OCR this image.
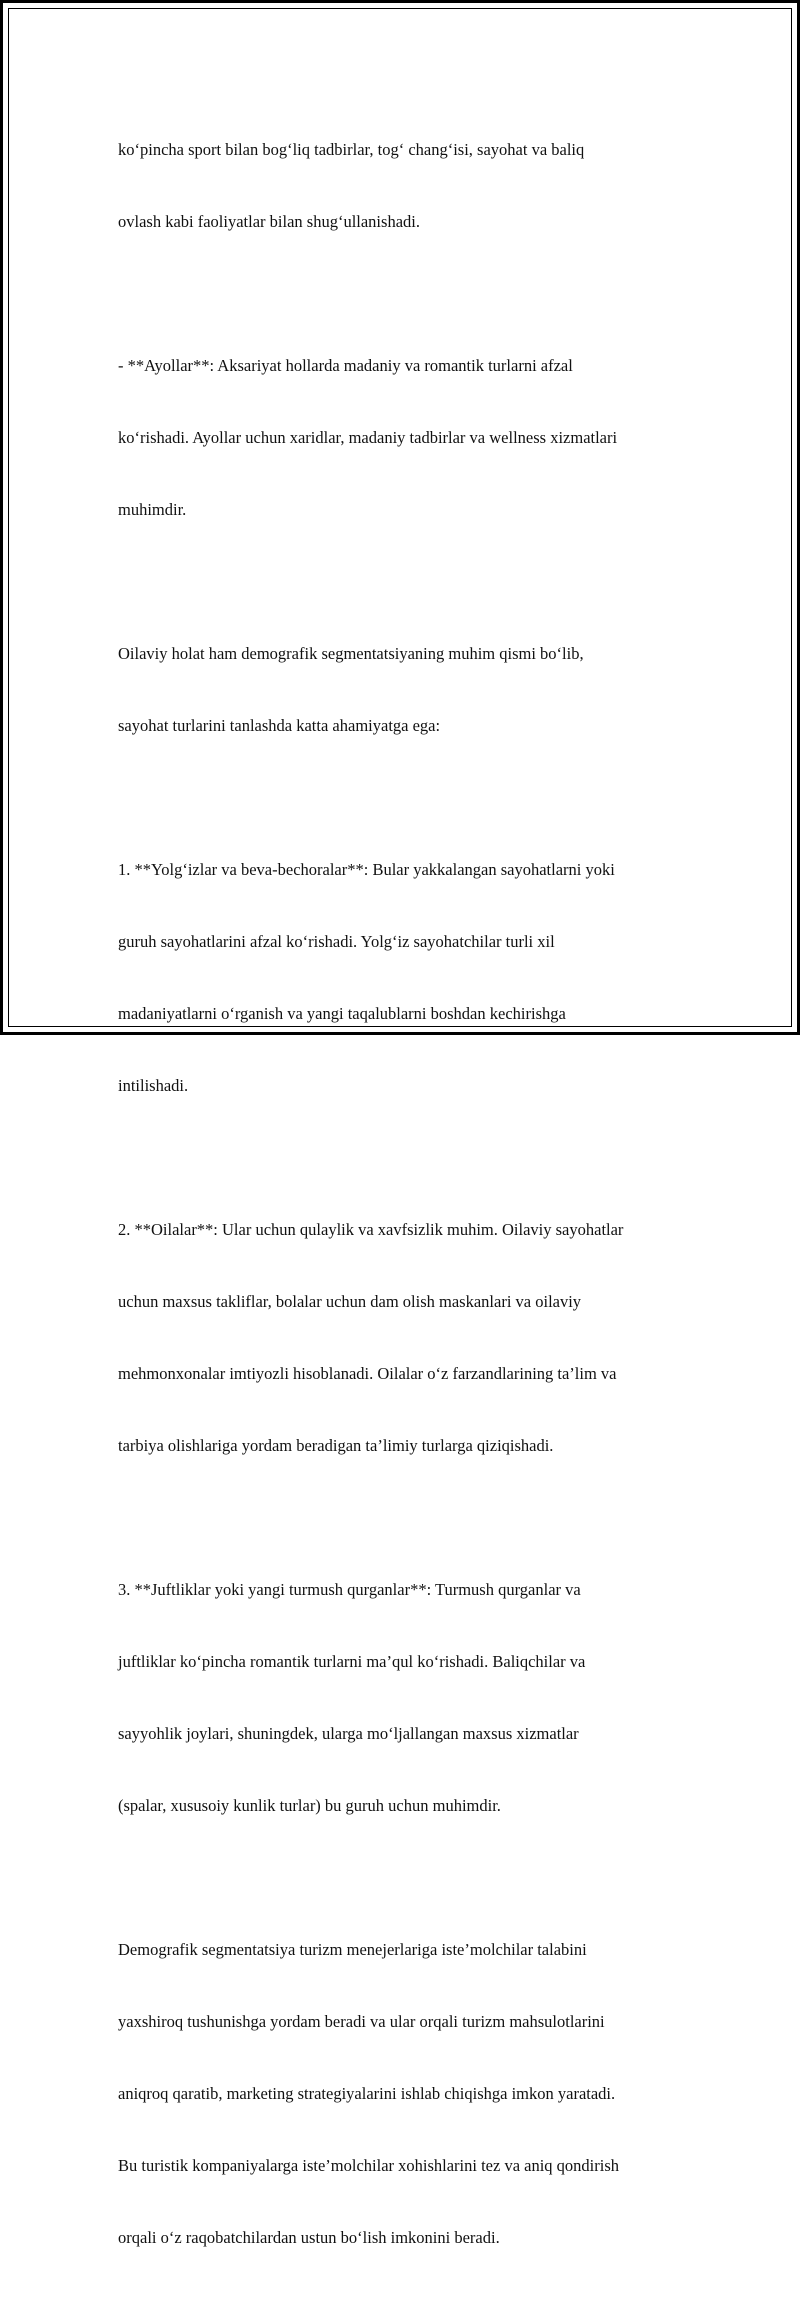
ko‘pincha sport bilan bog‘liq tadbirlar, tog‘ chang‘isi, sayohat va baliq

ovlash kabi faoliyatlar bilan shug‘ullanishadi.

- **Ayollar**: Aksariyat hollarda madaniy va romantik turlarni afzal

ko‘rishadi. Ayollar uchun xaridlar, madaniy tadbirlar va wellness xizmatlari

muhimdir.

Oilaviy holat ham demografik segmentatsiyaning muhim qismi bo‘lib,

sayohat turlarini tanlashda katta ahamiyatga ega:

1. **Yolg‘izlar va beva-bechoralar**: Bular yakkalangan sayohatlarni yoki

guruh sayohatlarini afzal ko‘rishadi. Yolg‘iz sayohatchilar turli xil

madaniyatlarni o‘rganish va yangi taqalublarni boshdan kechirishga

intilishadi.

2. **Oilalar**: Ular uchun qulaylik va xavfsizlik muhim. Oilaviy sayohatlar

uchun maxsus takliflar, bolalar uchun dam olish maskanlari va oilaviy

mehmonxonalar imtiyozli hisoblanadi. Oilalar o‘z farzandlarining ta’lim va

tarbiya olishlariga yordam beradigan ta’limiy turlarga qiziqishadi.

3. **Juftliklar yoki yangi turmush qurganlar**: Turmush qurganlar va

juftliklar ko‘pincha romantik turlarni ma’qul ko‘rishadi. Baliqchilar va

sayyohlik joylari, shuningdek, ularga mo‘ljallangan maxsus xizmatlar

(spalar, xususoiy kunlik turlar) bu guruh uchun muhimdir.

Demografik segmentatsiya turizm menejerlariga iste’molchilar talabini

yaxshiroq tushunishga yordam beradi va ular orqali turizm mahsulotlarini

aniqroq qaratib, marketing strategiyalarini ishlab chiqishga imkon yaratadi.

Bu turistik kompaniyalarga iste’molchilar xohishlarini tez va aniq qondirish

orqali o‘z raqobatchilardan ustun bo‘lish imkonini beradi.
